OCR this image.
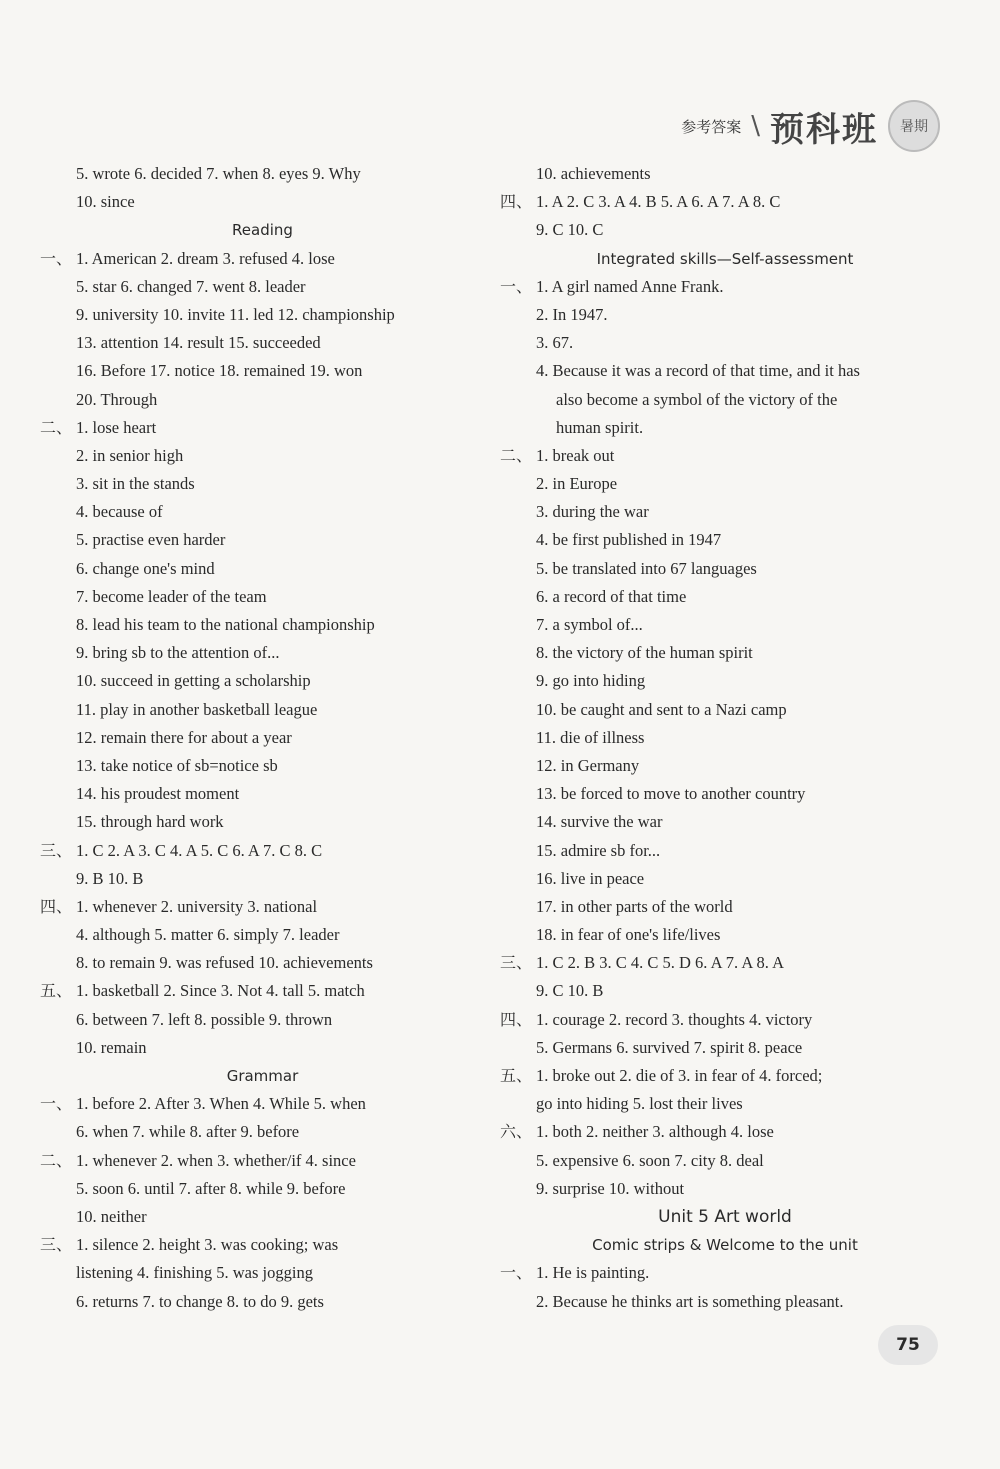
参考答案 \ 预科班	暑期
5. wrote 6. decided 7. when 8. eyes 9. Why
10. since
Reading
一、 1. American 2. dream 3. refused 4. lose
5. star 6. changed 7. went 8. leader
9. university 10. invite 11. led 12. championship
13. attention 14. result 15. succeeded
16. Before 17. notice 18. remained 19. won
20. Through
二、 1. lose heart
2. in senior high
3. sit in the stands
4. because of
5. practise even harder
6. change one's mind
7. become leader of the team
8. lead his team to the national championship
9. bring sb to the attention of...
10. succeed in getting a scholarship
11. play in another basketball league
12. remain there for about a year
13. take notice of sb=notice sb
14. his proudest moment
15. through hard work
三、 1. C 2. A 3. C 4. A 5. C 6. A 7. C 8. C
9. B 10. B
四、 1. whenever 2. university 3. national
4. although 5. matter 6. simply 7. leader
8. to remain 9. was refused 10. achievements
五、 1. basketball 2. Since 3. Not 4. tall 5. match
6. between 7. left 8. possible 9. thrown
10. remain
Grammar
一、 1. before 2. After 3. When 4. While 5. when
6. when 7. while 8. after 9. before
二、 1. whenever 2. when 3. whether/if 4. since
5. soon 6. until 7. after 8. while 9. before
10. neither
三、 1. silence 2. height 3. was cooking; was
listening 4. finishing 5. was jogging
6. returns 7. to change 8. to do 9. gets
10. achievements
四、 1. A 2. C 3. A 4. B 5. A 6. A 7. A 8. C
9. C 10. C
Integrated skills—Self-assessment
一、 1. A girl named Anne Frank.
2. In 1947.
3. 67.
4. Because it was a record of that time, and it has
also become a symbol of the victory of the
human spirit.
二、 1. break out
2. in Europe
3. during the war
4. be first published in 1947
5. be translated into 67 languages
6. a record of that time
7. a symbol of...
8. the victory of the human spirit
9. go into hiding
10. be caught and sent to a Nazi camp
11. die of illness
12. in Germany
13. be forced to move to another country
14. survive the war
15. admire sb for...
16. live in peace
17. in other parts of the world
18. in fear of one's life/lives
三、 1. C 2. B 3. C 4. C 5. D 6. A 7. A 8. A
9. C 10. B
四、 1. courage 2. record 3. thoughts 4. victory
5. Germans 6. survived 7. spirit 8. peace
五、 1. broke out 2. die of 3. in fear of 4. forced;
go into hiding 5. lost their lives
六、 1. both 2. neither 3. although 4. lose
5. expensive 6. soon 7. city 8. deal
9. surprise 10. without
Unit 5 Art world
Comic strips & Welcome to the unit
一、 1. He is painting.
2. Because he thinks art is something pleasant.
75
